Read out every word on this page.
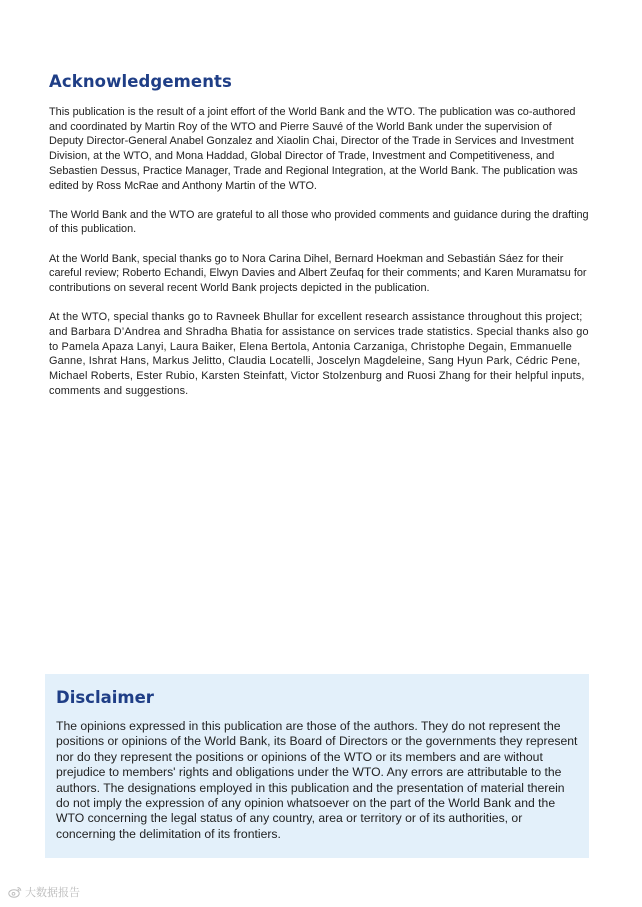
Acknowledgements

This publication is the result of a joint effort of the World Bank and the WTO. The publication was co-authored and coordinated by Martin Roy of the WTO and Pierre Sauvé of the World Bank under the supervision of Deputy Director-General Anabel Gonzalez and Xiaolin Chai, Director of the Trade in Services and Investment Division, at the WTO, and Mona Haddad, Global Director of Trade, Investment and Competitiveness, and Sebastien Dessus, Practice Manager, Trade and Regional Integration, at the World Bank. The publication was edited by Ross McRae and Anthony Martin of the WTO.

The World Bank and the WTO are grateful to all those who provided comments and guidance during the drafting of this publication.

At the World Bank, special thanks go to Nora Carina Dihel, Bernard Hoekman and Sebastián Sáez for their careful review; Roberto Echandi, Elwyn Davies and Albert Zeufaq for their comments; and Karen Muramatsu for contributions on several recent World Bank projects depicted in the publication.

At the WTO, special thanks go to Ravneek Bhullar for excellent research assistance throughout this project; and Barbara D’Andrea and Shradha Bhatia for assistance on services trade statistics. Special thanks also go to Pamela Apaza Lanyi, Laura Baiker, Elena Bertola, Antonia Carzaniga, Christophe Degain, Emmanuelle Ganne, Ishrat Hans, Markus Jelitto, Claudia Locatelli, Joscelyn Magdeleine, Sang Hyun Park, Cédric Pene, Michael Roberts, Ester Rubio, Karsten Steinfatt, Victor Stolzenburg and Ruosi Zhang for their helpful inputs, comments and suggestions.

Disclaimer

The opinions expressed in this publication are those of the authors. They do not represent the positions or opinions of the World Bank, its Board of Directors or the governments they represent nor do they represent the positions or opinions of the WTO or its members and are without prejudice to members' rights and obligations under the WTO. Any errors are attributable to the authors. The designations employed in this publication and the presentation of material therein do not imply the expression of any opinion whatsoever on the part of the World Bank and the WTO concerning the legal status of any country, area or territory or of its authorities, or concerning the delimitation of its frontiers.

大数据报告
